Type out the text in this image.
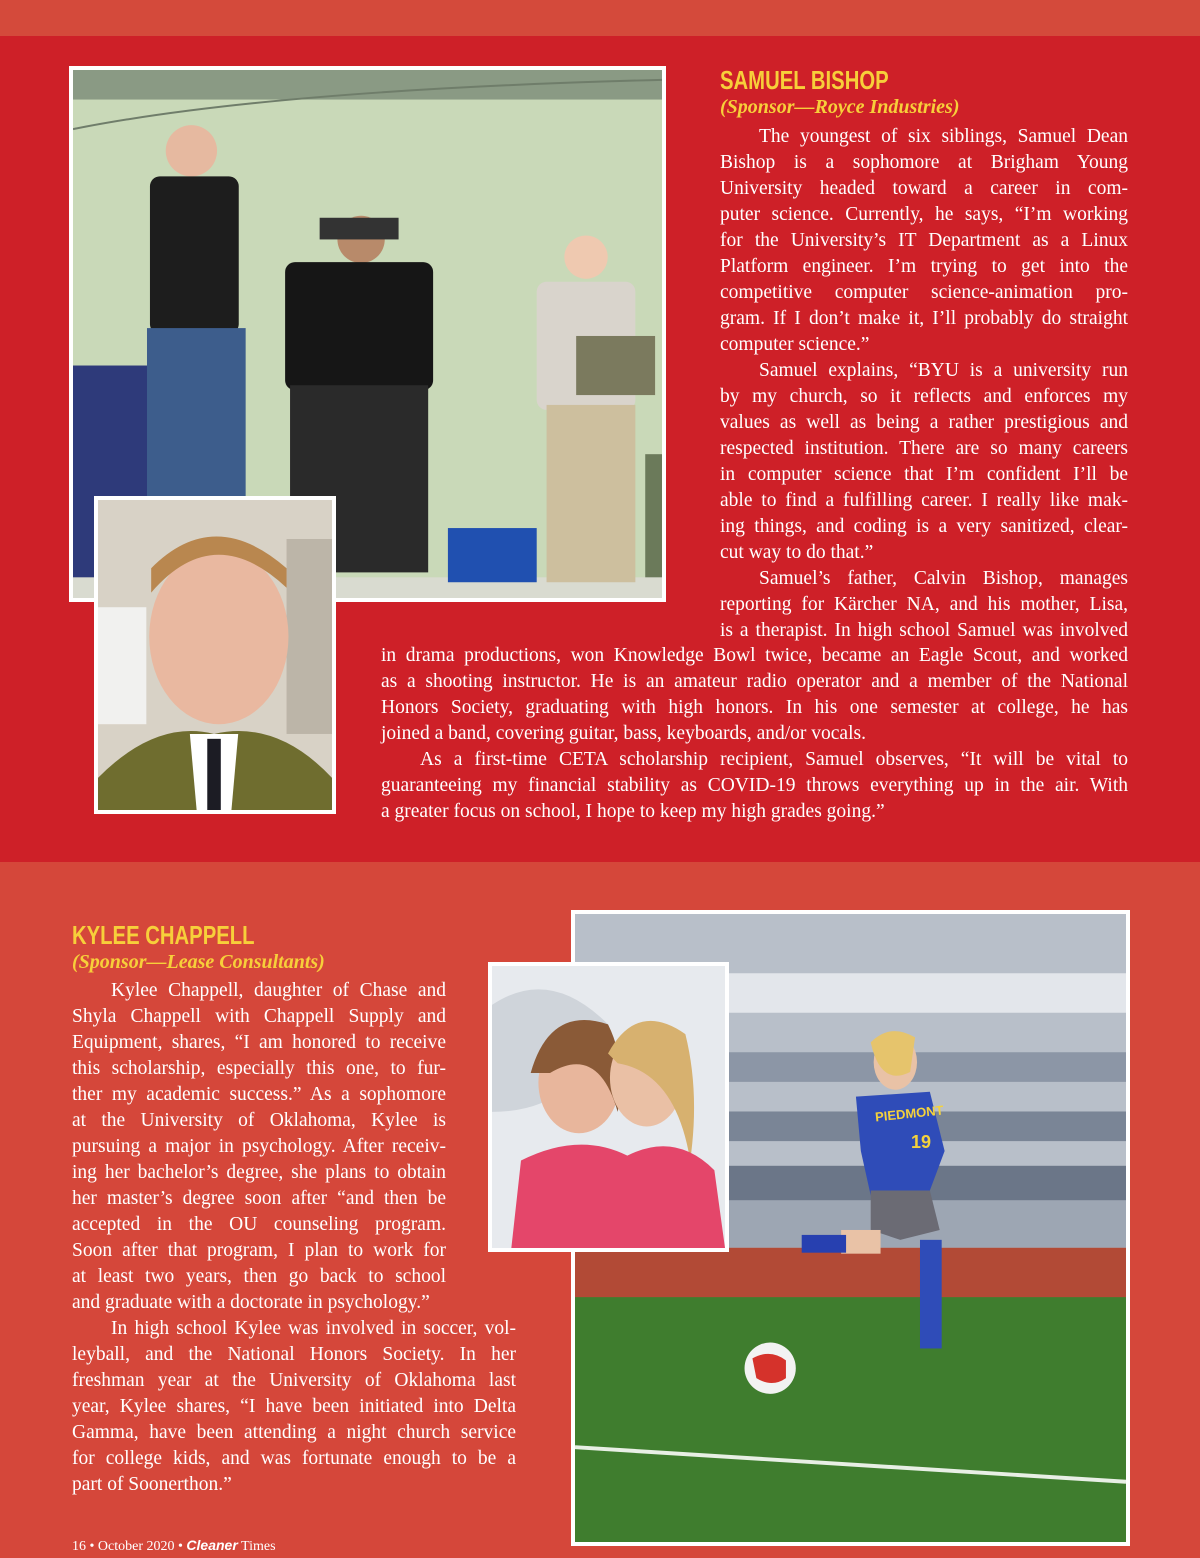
SAMUEL BISHOP
(Sponsor—Royce Industries)
  The youngest of six siblings, Samuel Dean
Bishop is a sophomore at Brigham Young
University headed toward a career in com-
puter science. Currently, he says, “I’m working
for the University’s IT Department as a Linux
Platform engineer. I’m trying to get into the
competitive computer science-animation pro-
gram. If I don’t make it, I’ll probably do straight
computer science.”
  Samuel explains, “BYU is a university run
by my church, so it reflects and enforces my
values as well as being a rather prestigious and
respected institution. There are so many careers
in computer science that I’m confident I’ll be
able to find a fulfilling career. I really like mak-
ing things, and coding is a very sanitized, clear-
cut way to do that.”
  Samuel’s father, Calvin Bishop, manages
reporting for Kärcher NA, and his mother, Lisa,
is a therapist. In high school Samuel was involved
in drama productions, won Knowledge Bowl twice, became an Eagle Scout, and worked
as a shooting instructor. He is an amateur radio operator and a member of the National
Honors Society, graduating with high honors. In his one semester at college, he has
joined a band, covering guitar, bass, keyboards, and/or vocals.
  As a first-time CETA scholarship recipient, Samuel observes, “It will be vital to
guaranteeing my financial stability as COVID-19 throws everything up in the air. With
a greater focus on school, I hope to keep my high grades going.”
PIEDMONT
19
KYLEE CHAPPELL
(Sponsor—Lease Consultants)
  Kylee Chappell, daughter of Chase and
Shyla Chappell with Chappell Supply and
Equipment, shares, “I am honored to receive
this scholarship, especially this one, to fur-
ther my academic success.” As a sophomore
at the University of Oklahoma, Kylee is
pursuing a major in psychology. After receiv-
ing her bachelor’s degree, she plans to obtain
her master’s degree soon after “and then be
accepted in the OU counseling program.
Soon after that program, I plan to work for
at least two years, then go back to school
and graduate with a doctorate in psychology.”
  In high school Kylee was involved in soccer, vol-
leyball, and the National Honors Society. In her
freshman year at the University of Oklahoma last
year, Kylee shares, “I have been initiated into Delta
Gamma, have been attending a night church service
for college kids, and was fortunate enough to be a
part of Soonerthon.”
16 • October 2020 • Cleaner Times
